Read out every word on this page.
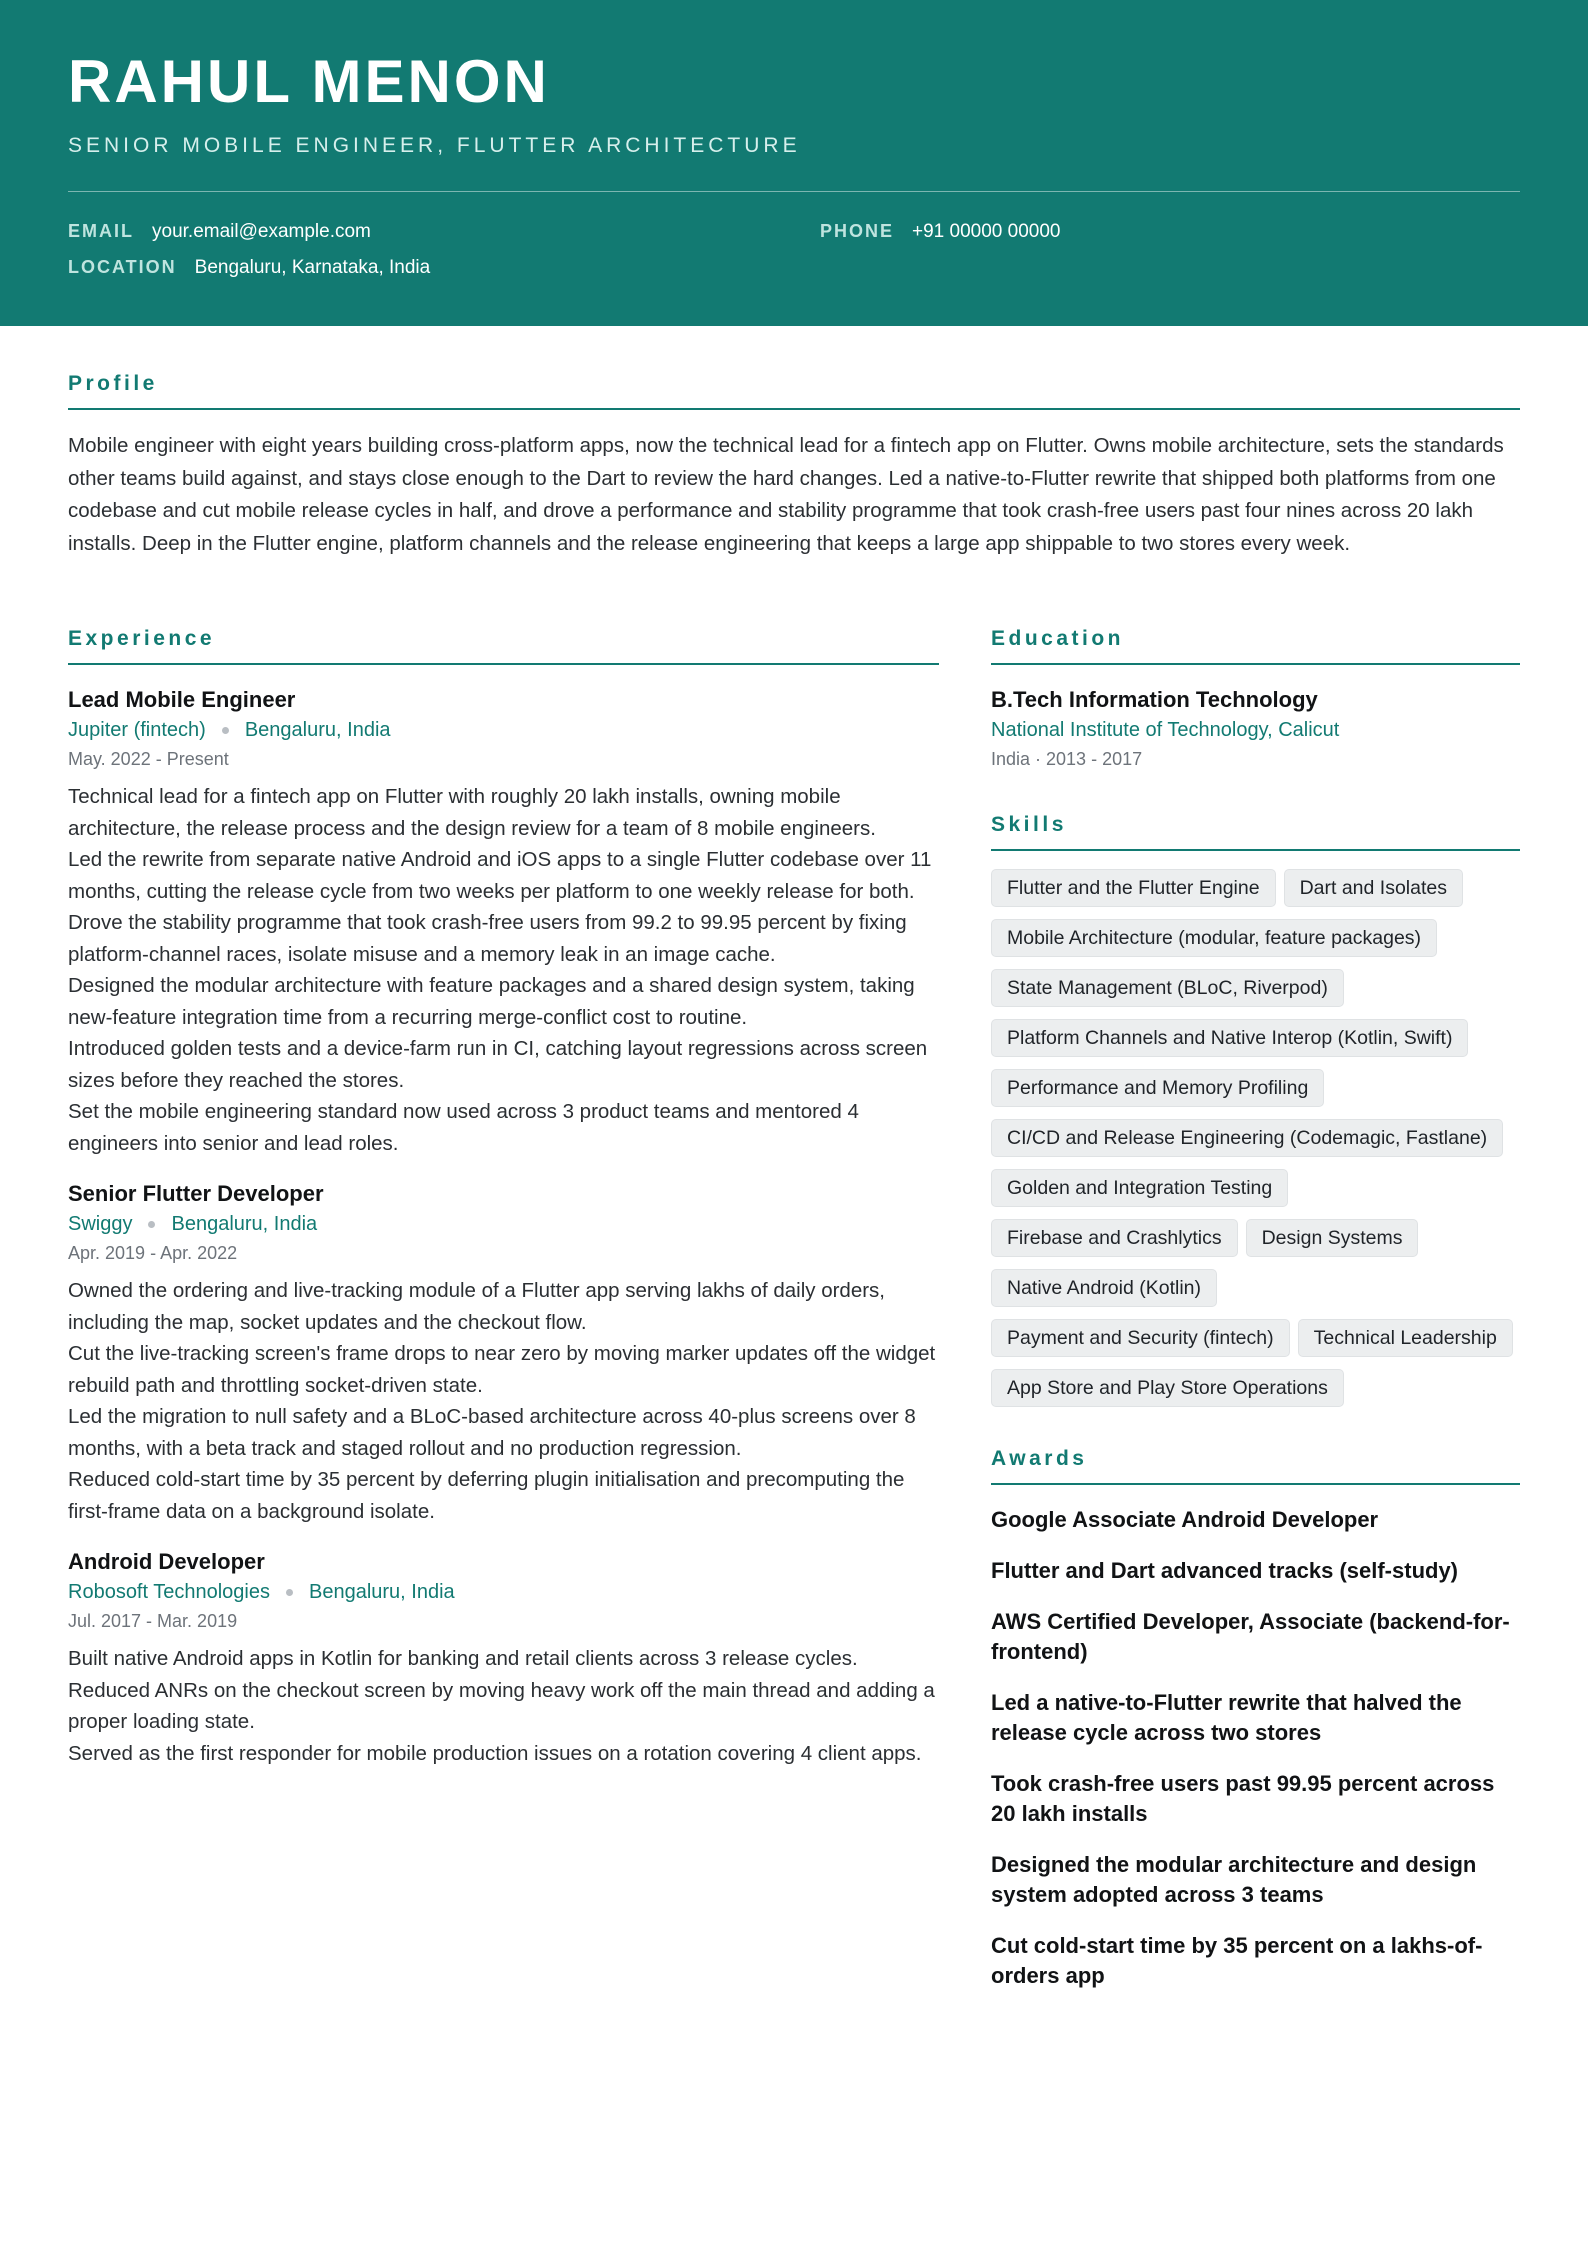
RAHUL MENON
SENIOR MOBILE ENGINEER, FLUTTER ARCHITECTURE
EMAIL your.email@example.com	PHONE +91 00000 00000
LOCATION Bengaluru, Karnataka, India
Profile
Mobile engineer with eight years building cross-platform apps, now the technical lead for a fintech app on Flutter. Owns mobile architecture, sets the standards other teams build against, and stays close enough to the Dart to review the hard changes. Led a native-to-Flutter rewrite that shipped both platforms from one codebase and cut mobile release cycles in half, and drove a performance and stability programme that took crash-free users past four nines across 20 lakh installs. Deep in the Flutter engine, platform channels and the release engineering that keeps a large app shippable to two stores every week.
Experience
Lead Mobile Engineer
Jupiter (fintech) Bengaluru, India
May. 2022 - Present
Technical lead for a fintech app on Flutter with roughly 20 lakh installs, owning mobile architecture, the release process and the design review for a team of 8 mobile engineers.
Led the rewrite from separate native Android and iOS apps to a single Flutter codebase over 11 months, cutting the release cycle from two weeks per platform to one weekly release for both.
Drove the stability programme that took crash-free users from 99.2 to 99.95 percent by fixing platform-channel races, isolate misuse and a memory leak in an image cache.
Designed the modular architecture with feature packages and a shared design system, taking new-feature integration time from a recurring merge-conflict cost to routine.
Introduced golden tests and a device-farm run in CI, catching layout regressions across screen sizes before they reached the stores.
Set the mobile engineering standard now used across 3 product teams and mentored 4 engineers into senior and lead roles.
Senior Flutter Developer
Swiggy Bengaluru, India
Apr. 2019 - Apr. 2022
Owned the ordering and live-tracking module of a Flutter app serving lakhs of daily orders, including the map, socket updates and the checkout flow.
Cut the live-tracking screen's frame drops to near zero by moving marker updates off the widget rebuild path and throttling socket-driven state.
Led the migration to null safety and a BLoC-based architecture across 40-plus screens over 8 months, with a beta track and staged rollout and no production regression.
Reduced cold-start time by 35 percent by deferring plugin initialisation and precomputing the first-frame data on a background isolate.
Android Developer
Robosoft Technologies Bengaluru, India
Jul. 2017 - Mar. 2019
Built native Android apps in Kotlin for banking and retail clients across 3 release cycles.
Reduced ANRs on the checkout screen by moving heavy work off the main thread and adding a proper loading state.
Served as the first responder for mobile production issues on a rotation covering 4 client apps.
Education
B.Tech Information Technology
National Institute of Technology, Calicut
India · 2013 - 2017
Skills
Flutter and the Flutter Engine	Dart and Isolates
Mobile Architecture (modular, feature packages)
State Management (BLoC, Riverpod)
Platform Channels and Native Interop (Kotlin, Swift)
Performance and Memory Profiling
CI/CD and Release Engineering (Codemagic, Fastlane)
Golden and Integration Testing
Firebase and Crashlytics	Design Systems
Native Android (Kotlin)
Payment and Security (fintech)	Technical Leadership
App Store and Play Store Operations
Awards
Google Associate Android Developer
Flutter and Dart advanced tracks (self-study)
AWS Certified Developer, Associate (backend-for-frontend)
Led a native-to-Flutter rewrite that halved the release cycle across two stores
Took crash-free users past 99.95 percent across 20 lakh installs
Designed the modular architecture and design system adopted across 3 teams
Cut cold-start time by 35 percent on a lakhs-of-orders app
